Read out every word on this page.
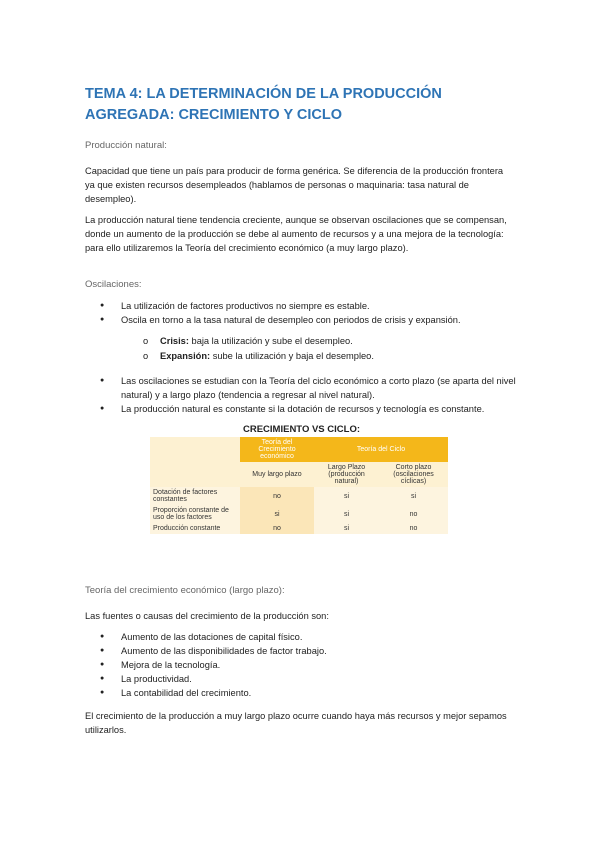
TEMA 4: LA DETERMINACIÓN DE LA PRODUCCIÓN AGREGADA: CRECIMIENTO Y CICLO

Producción natural:

Capacidad que tiene un país para producir de forma genérica. Se diferencia de la producción frontera ya que existen recursos desempleados (hablamos de personas o maquinaria: tasa natural de desempleo).

La producción natural tiene tendencia creciente, aunque se observan oscilaciones que se compensan, donde un aumento de la producción se debe al aumento de recursos y a una mejora de la tecnología: para ello utilizaremos la Teoría del crecimiento económico (a muy largo plazo).

Oscilaciones:

● La utilización de factores productivos no siempre es estable.
● Oscila en torno a la tasa natural de desempleo con periodos de crisis y expansión.
o Crisis: baja la utilización y sube el desempleo.
o Expansión: sube la utilización y baja el desempleo.
● Las oscilaciones se estudian con la Teoría del ciclo económico a corto plazo (se aparta del nivel natural) y a largo plazo (tendencia a regresar al nivel natural).
● La producción natural es constante si la dotación de recursos y tecnología es constante.

CRECIMIENTO VS CICLO:

	Teoría del Crecimiento económico	Teoría del Ciclo	
	Muy largo plazo	Largo Plazo (producción natural)	Corto plazo (oscilaciones cíclicas)
Dotación de factores constantes	no	si	si
Proporción constante de uso de los factores	si	si	no
Producción constante	no	si	no

Teoría del crecimiento económico (largo plazo):

Las fuentes o causas del crecimiento de la producción son:

● Aumento de las dotaciones de capital físico.
● Aumento de las disponibilidades de factor trabajo.
● Mejora de la tecnología.
● La productividad.
● La contabilidad del crecimiento.

El crecimiento de la producción a muy largo plazo ocurre cuando haya más recursos y mejor sepamos utilizarlos.
